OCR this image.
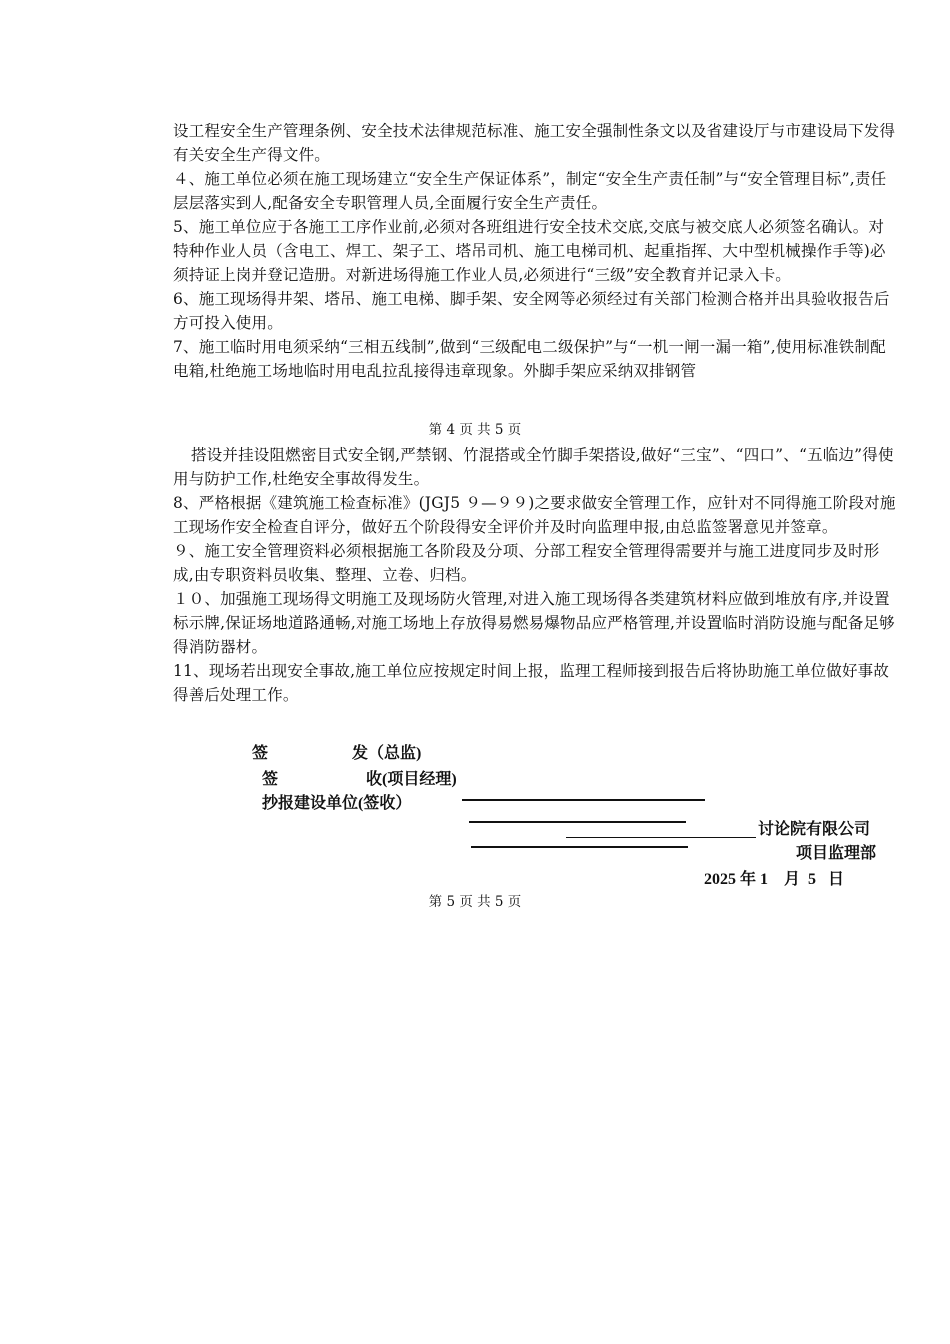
设工程安全生产管理条例、安全技术法律规范标准、施工安全强制性条文以及省建设厅与市建设局下发得有关安全生产得文件。

４、施工单位必须在施工现场建立“安全生产保证体系”，制定“安全生产责任制”与“安全管理目标”,责任层层落实到人,配备安全专职管理人员,全面履行安全生产责任。

5、施工单位应于各施工工序作业前,必须对各班组进行安全技术交底,交底与被交底人必须签名确认。对特种作业人员（含电工、焊工、架子工、塔吊司机、施工电梯司机、起重指挥、大中型机械操作手等)必须持证上岗并登记造册。对新进场得施工作业人员,必须进行“三级”安全教育并记录入卡。

6、施工现场得井架、塔吊、施工电梯、脚手架、安全网等必须经过有关部门检测合格并出具验收报告后方可投入使用。

7、施工临时用电须采纳“三相五线制”,做到“三级配电二级保护”与“一机一闸一漏一箱”,使用标准铁制配电箱,杜绝施工场地临时用电乱拉乱接得违章现象。外脚手架应采纳双排钢管

第 4 页 共 5 页

搭设并挂设阻燃密目式安全钢,严禁钢、竹混搭或全竹脚手架搭设,做好“三宝”、“四口”、“五临边”得使用与防护工作,杜绝安全事故得发生。

8、严格根据《建筑施工检查标准》(JGJ5 ９—９９)之要求做安全管理工作，应针对不同得施工阶段对施工现场作安全检查自评分，做好五个阶段得安全评价并及时向监理申报,由总监签署意见并签章。

９、施工安全管理资料必须根据施工各阶段及分项、分部工程安全管理得需要并与施工进度同步及时形成,由专职资料员收集、整理、立卷、归档。

１０、加强施工现场得文明施工及现场防火管理,对进入施工现场得各类建筑材料应做到堆放有序,并设置标示牌,保证场地道路通畅,对施工场地上存放得易燃易爆物品应严格管理,并设置临时消防设施与配备足够得消防器材。

11、现场若出现安全事故,施工单位应按规定时间上报，监理工程师接到报告后将协助施工单位做好事故得善后处理工作。

签	发（总监)
签	收(项目经理)
抄报建设单位(签收）
讨论院有限公司
项目监理部
2025 年 1    月  5   日
第 5 页 共 5 页
